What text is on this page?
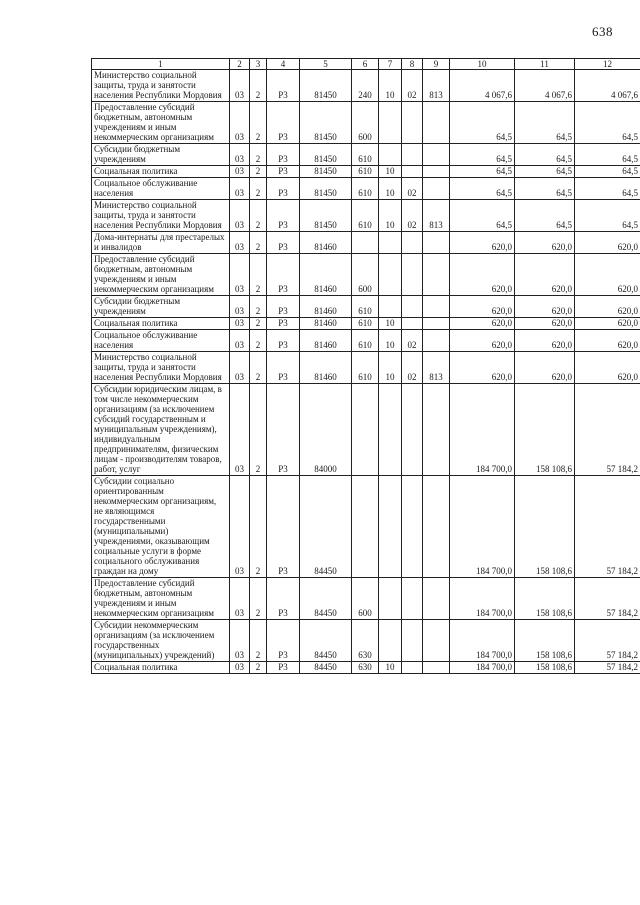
638
1	2	3	4	5	6	7	8	9	10	11	12
Министерство социальной защиты, труда и занятости населения Республики Мордовия	03	2	Р3	81450	240	10	02	813	4 067,6	4 067,6	4 067,6
Предоставление субсидий бюджетным, автономным учреждениям и иным некоммерческим организациям	03	2	Р3	81450	600				64,5	64,5	64,5
Субсидии бюджетным учреждениям	03	2	Р3	81450	610				64,5	64,5	64,5
Социальная политика	03	2	Р3	81450	610	10			64,5	64,5	64,5
Социальное обслуживание населения	03	2	Р3	81450	610	10	02		64,5	64,5	64,5
Министерство социальной защиты, труда и занятости населения Республики Мордовия	03	2	Р3	81450	610	10	02	813	64,5	64,5	64,5
Дома-интернаты для престарелых и инвалидов	03	2	Р3	81460					620,0	620,0	620,0
Предоставление субсидий бюджетным, автономным учреждениям и иным некоммерческим организациям	03	2	Р3	81460	600				620,0	620,0	620,0
Субсидии бюджетным учреждениям	03	2	Р3	81460	610				620,0	620,0	620,0
Социальная политика	03	2	Р3	81460	610	10			620,0	620,0	620,0
Социальное обслуживание населения	03	2	Р3	81460	610	10	02		620,0	620,0	620,0
Министерство социальной защиты, труда и занятости населения Республики Мордовия	03	2	Р3	81460	610	10	02	813	620,0	620,0	620,0
Субсидии юридическим лицам, в том числе некоммерческим организациям (за исключением субсидий государственным и муниципальным учреждениям), индивидуальным предпринимателям, физическим лицам - производителям товаров, работ, услуг	03	2	Р3	84000					184 700,0	158 108,6	57 184,2
Субсидии социально ориентированным некоммерческим организациям, не являющимся государственными (муниципальными) учреждениями, оказывающим социальные услуги в форме социального обслуживания граждан на дому	03	2	Р3	84450					184 700,0	158 108,6	57 184,2
Предоставление субсидий бюджетным, автономным учреждениям и иным некоммерческим организациям	03	2	Р3	84450	600				184 700,0	158 108,6	57 184,2
Субсидии некоммерческим организациям (за исключением государственных (муниципальных) учреждений)	03	2	Р3	84450	630				184 700,0	158 108,6	57 184,2
Социальная политика	03	2	Р3	84450	630	10			184 700,0	158 108,6	57 184,2
